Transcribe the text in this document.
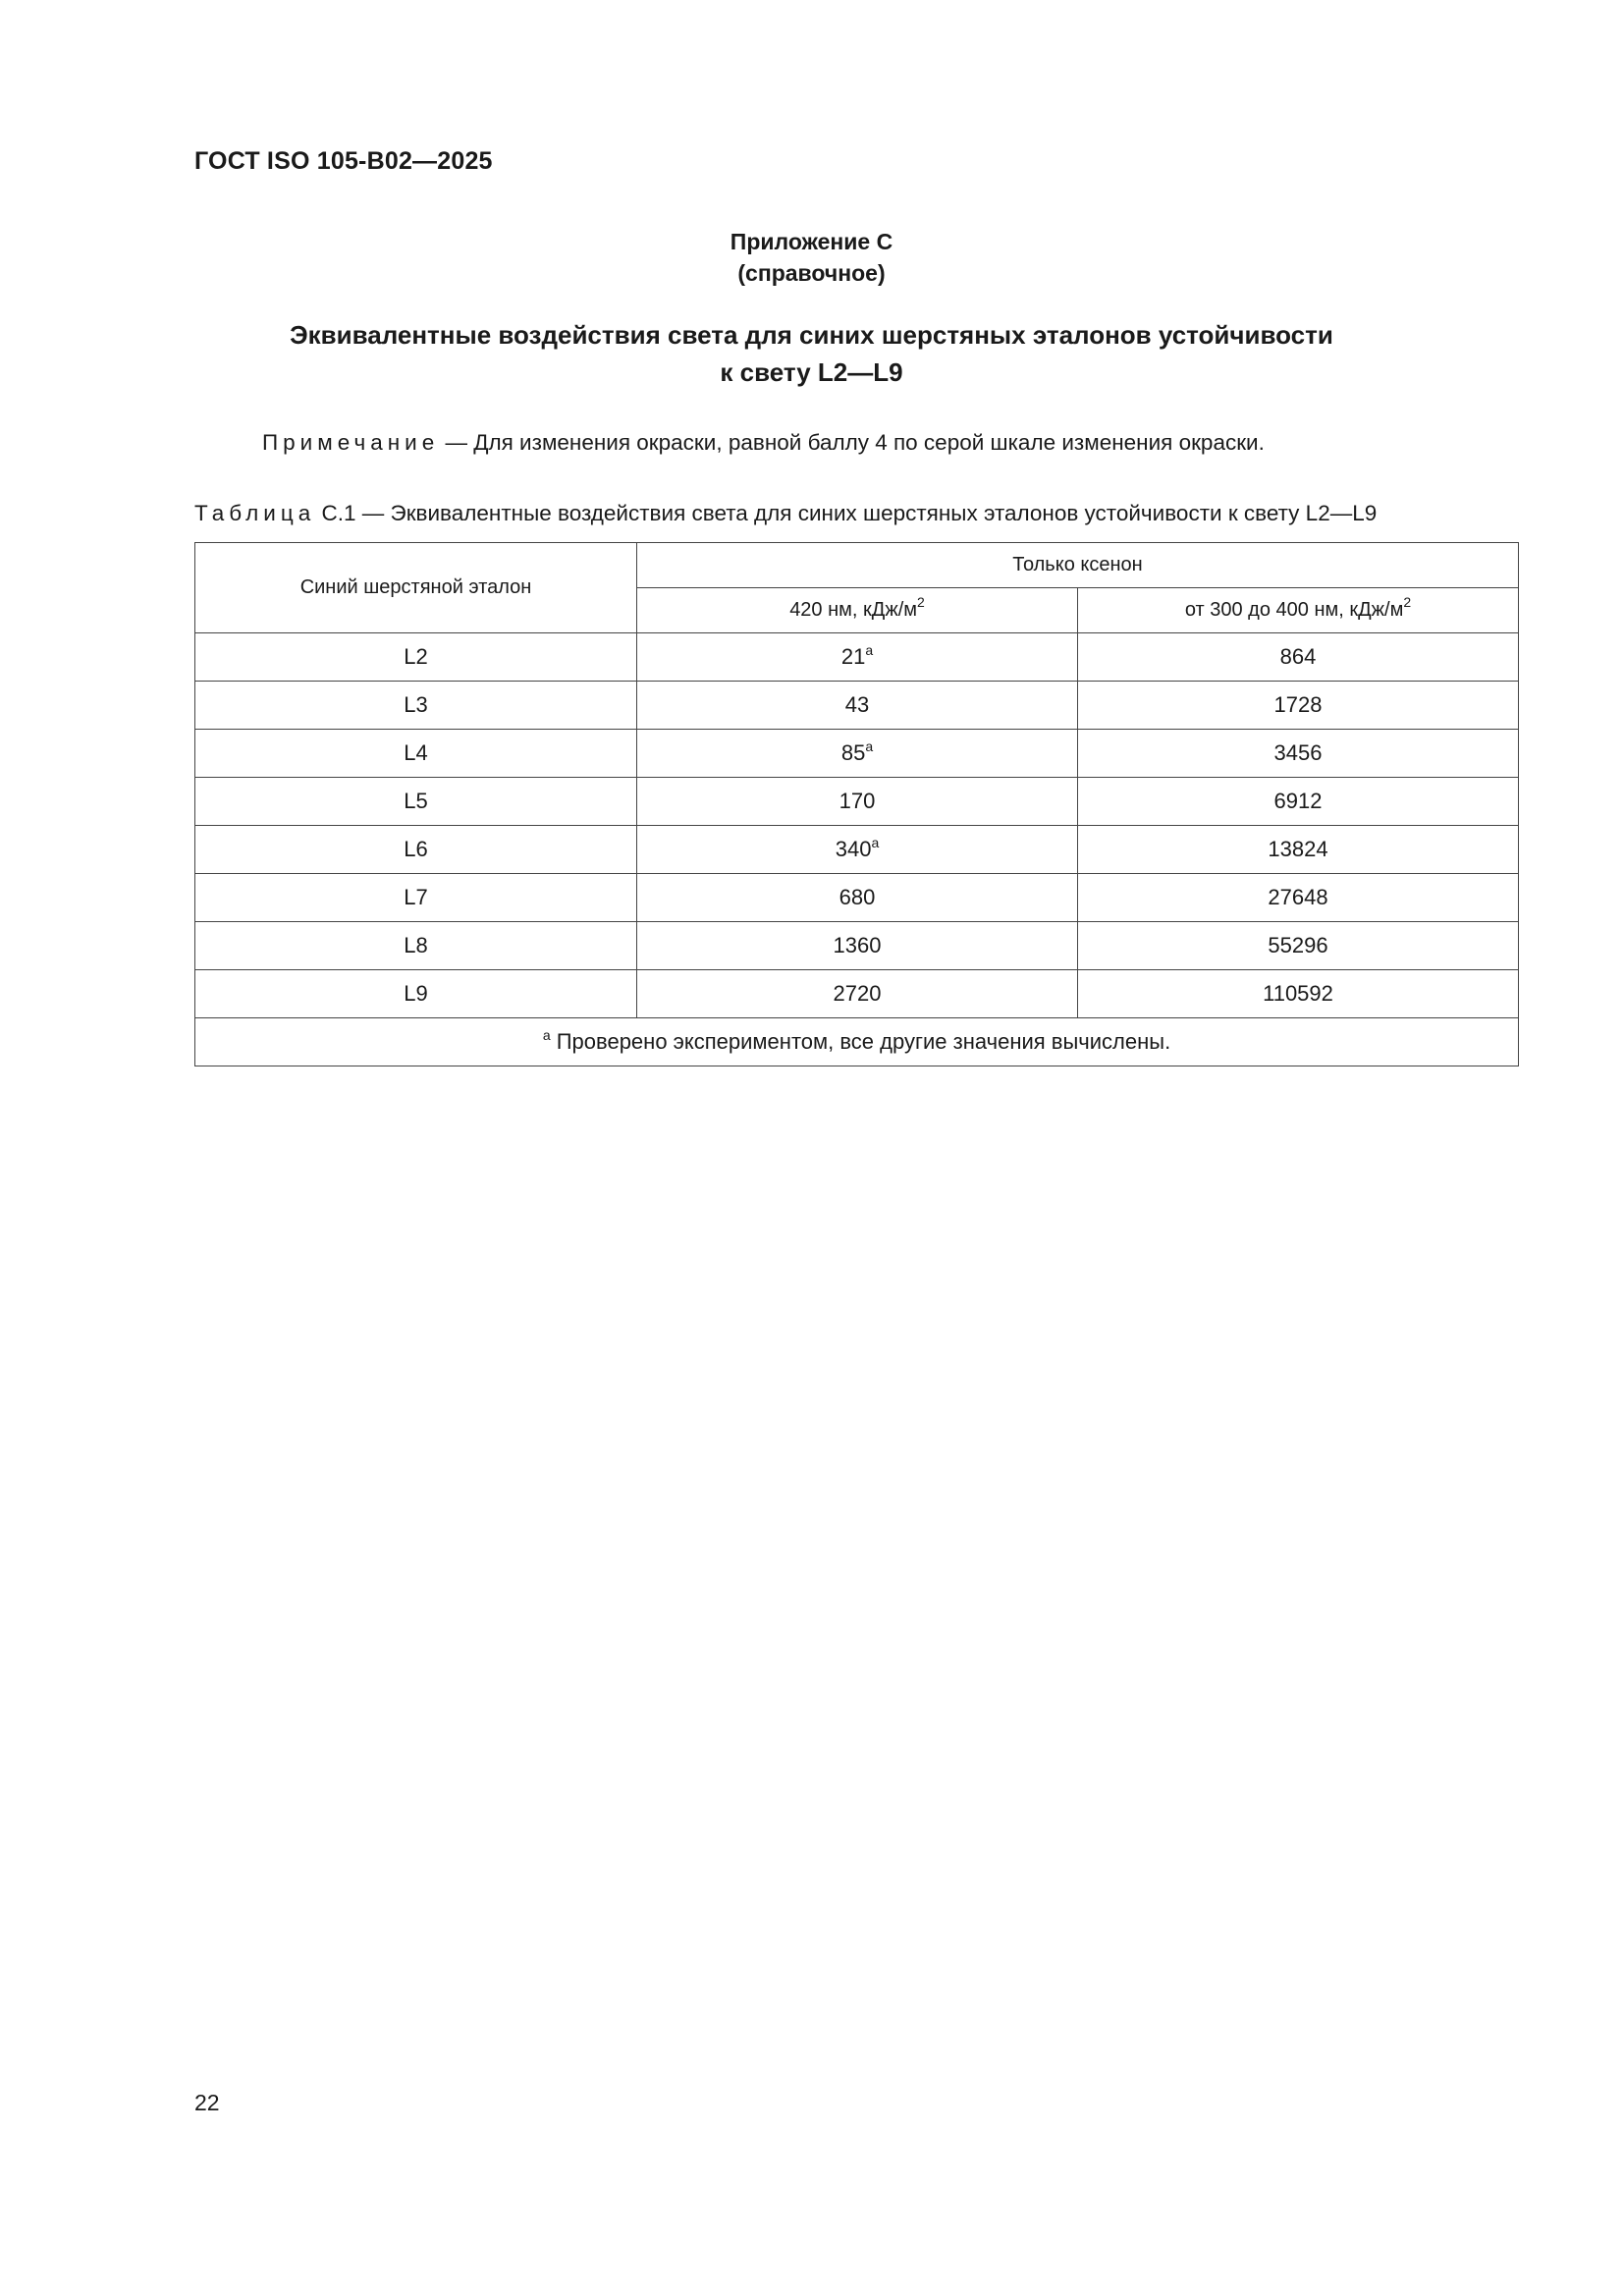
ГОСТ ISO 105-B02—2025
Приложение С
(справочное)
Эквивалентные воздействия света для синих шерстяных эталонов устойчивости
к свету L2—L9
Примечание — Для изменения окраски, равной баллу 4 по серой шкале изменения окраски.
Таблица С.1 — Эквивалентные воздействия света для синих шерстяных эталонов устойчивости к свету L2—L9
Синий шерстяной эталон	Только ксенон	
	420 нм, кДж/$м^2$	от 300 до 400 нм, кДж/$м^2$
L2	21$^a$	864
L3	43	1728
L4	85$^a$	3456
L5	170	6912
L6	340$^a$	13824
L7	680	27648
L8	1360	55296
L9	2720	110592
$^a$ Проверено экспериментом, все другие значения вычислены.		
22
